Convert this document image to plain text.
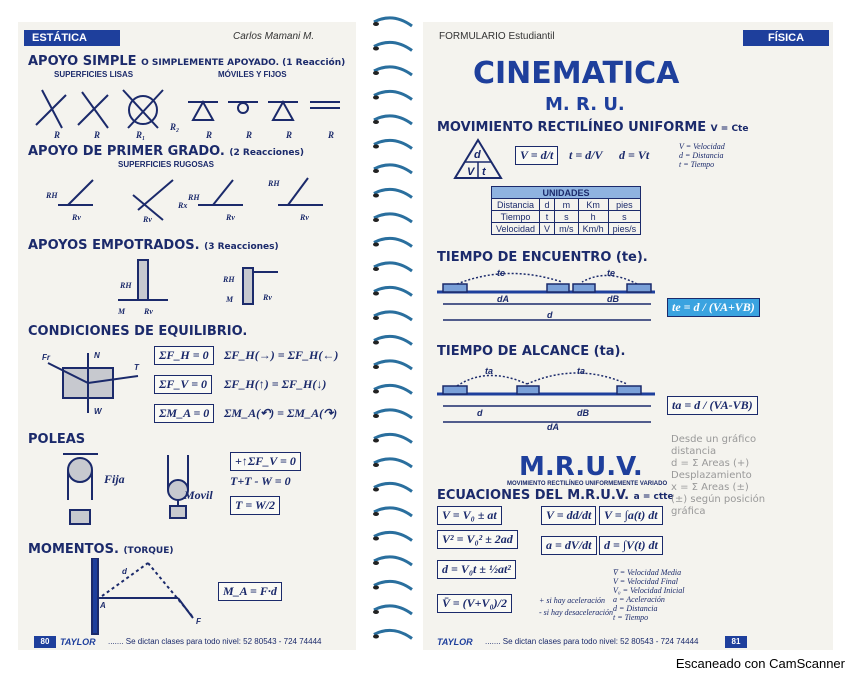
ESTÁTICA	Carlos Mamani M.
APOYO SIMPLE O SIMPLEMENTE APOYADO. (1 Reacción)
SUPERFICIES LISAS	MÓVILES Y FIJOS
R	R	R₁
R₂
R	R	R	R
APOYO DE PRIMER GRADO. (2 Reacciones)
SUPERFICIES RUGOSAS
RH
Rv	Rv
Rx
RH
Rv
RH
Rv
APOYOS EMPOTRADOS. (3 Reacciones)
RH
Rv
M
RH
Rv
M
CONDICIONES DE EQUILIBRIO.
N
W
T
Fr	ΣF_H = 0	ΣF_H(→) = ΣF_H(←)
ΣF_V = 0	ΣF_H(↑) = ΣF_H(↓)
ΣM_A = 0	ΣM_A(↶) = ΣM_A(↷)
POLEAS
Fija
Movil
+↑ΣF_V = 0
T+T - W = 0
T = W/2
MOMENTOS. (TORQUE)
d
F
A
M_A = F·d
80	TAYLOR ....... Se dictan clases para todo nivel: 52 80543 - 724 74444
FORMULARIO Estudiantil	FÍSICA
CINEMATICA
M. R. U.
MOVIMIENTO RECTILÍNEO UNIFORME V = Cte
d
V t
V = d/t	t = d/V d = Vt
V = Velocidad
d = Distancia
t = Tiempo
UNIDADES				
Distancia	d	m	Km	pies
Tiempo	t	s	h	s
Velocidad	V	m/s	Km/h	pies/s
TIEMPO DE ENCUENTRO (te).
dA	dB
d
te	te
te = d / (VA+VB)
TIEMPO DE ALCANCE (ta).
d	dB
dA
ta	ta
ta = d / (VA-VB)
M.R.U.V.
MOVIMIENTO RECTILÍNEO UNIFORMEMENTE VARIADO
ECUACIONES DEL M.R.U.V. a = ctte
V = V₀ ± at
V² = V₀² ± 2ad
d = V₀t ± ½at²
V̄ = (V+V₀)/2
V = dd/dt
a = dV/dt
V = ∫a(t) dt
d = ∫V(t) dt
+ si hay aceleración
- si hay desaceleración
V̄ = Velocidad Media
V = Velocidad Final
V₀ = Velocidad Inicial
a = Aceleración
d = Distancia
t = Tiempo
Desde un gráfico
distancia
d = Σ Areas (+)
Desplazamiento
x = Σ Areas (±)
(±) según posición
gráfica
TAYLOR ....... Se dictan clases para todo nivel: 52 80543 - 724 74444	81
Escaneado con CamScanner
